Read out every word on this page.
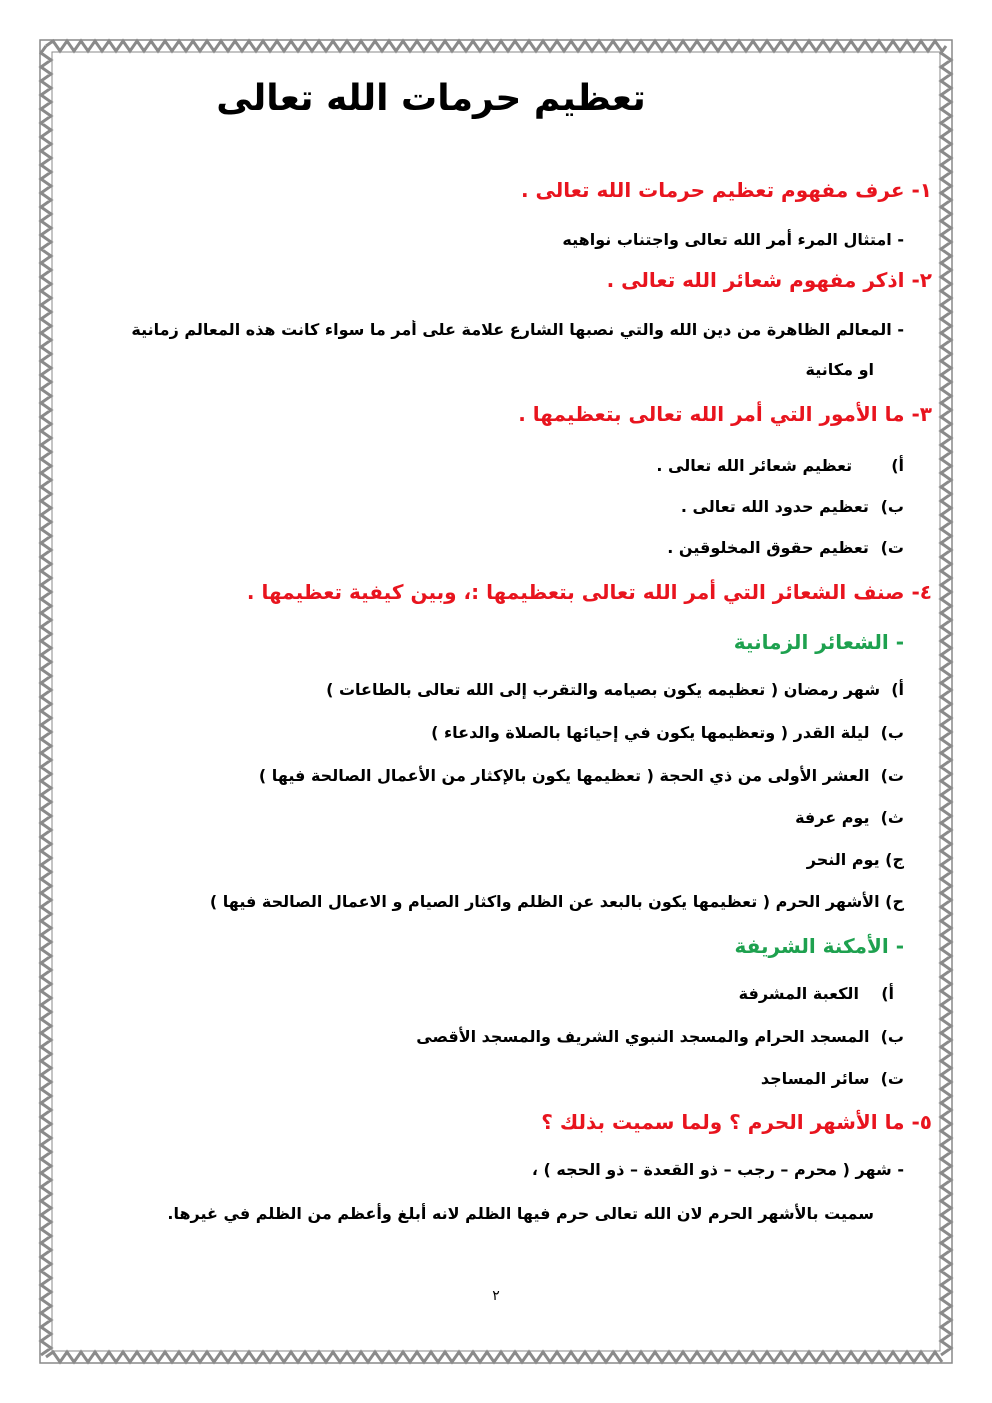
تعظيم حرمات الله تعالى
١- عرف مفهوم تعظيم حرمات الله تعالى .
- امتثال المرء أمر الله تعالى واجتناب نواهيه
٢- اذكر مفهوم شعائر الله تعالى .
- المعالم الظاهرة من دين الله والتي نصبها الشارع علامة على أمر ما سواء كانت هذه المعالم زمانية
او مكانية
٣- ما الأمور التي أمر الله تعالى بتعظيمها .
أ)     تعظيم شعائر الله تعالى .
ب)  تعظيم حدود الله تعالى .
ت)  تعظيم حقوق المخلوقين .
٤- صنف الشعائر التي أمر الله تعالى بتعظيمها :، وبين كيفية تعظيمها .
- الشعائر الزمانية
أ)  شهر رمضان ( تعظيمه يكون بصيامه والتقرب إلى الله تعالى بالطاعات )
ب)  ليلة القدر ( وتعظيمها يكون في إحيائها بالصلاة والدعاء )
ت)  العشر الأولى من ذي الحجة ( تعظيمها يكون بالإكثار من الأعمال الصالحة فيها )
ث)  يوم عرفة
ج) يوم النحر
ح) الأشهر الحرم ( تعظيمها يكون بالبعد عن الظلم واكثار الصيام و الاعمال الصالحة فيها )
- الأمكنة الشريفة
أ)    الكعبة المشرفة
ب)  المسجد الحرام والمسجد النبوي الشريف والمسجد الأقصى
ت)  سائر المساجد
٥- ما الأشهر الحرم ؟ ولما سميت بذلك ؟
- شهر ( محرم – رجب – ذو القعدة – ذو الحجه ) ،
سميت بالأشهر الحرم لان الله تعالى حرم فيها الظلم لانه أبلغ وأعظم من الظلم في غيرها.
٢
